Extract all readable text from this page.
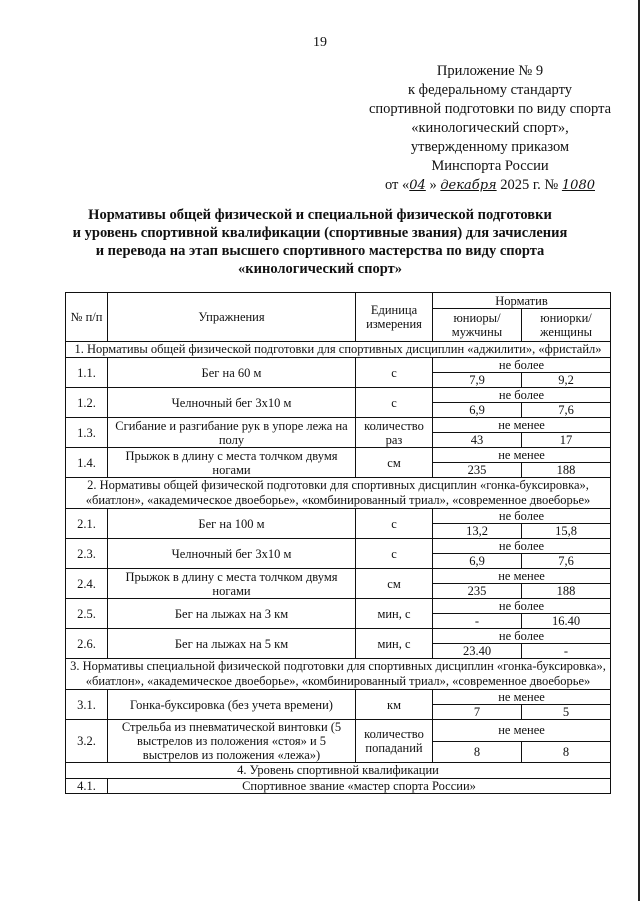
19
Приложение № 9
к федеральному стандарту
спортивной подготовки по виду спорта
«кинологический спорт»,
утвержденному приказом
Минспорта России
от «04 » декабря 2025 г. № 1080
Нормативы общей физической и специальной физической подготовки
и уровень спортивной квалификации (спортивные звания) для зачисления
и перевода на этап высшего спортивного мастерства по виду спорта
«кинологический спорт»
№ п/п	Упражнения	Единица измерения	Норматив	
			юниоры/ мужчины	юниорки/ женщины
1. Нормативы общей физической подготовки для спортивных дисциплин «аджилити», «фристайл»				
1.1.	Бег на 60 м	с	не более	
			7,9	9,2
1.2.	Челночный бег 3х10 м	с	не более	
			6,9	7,6
1.3.	Сгибание и разгибание рук в упоре лежа на полу	количество раз	не менее	
			43	17
1.4.	Прыжок в длину с места толчком двумя ногами	см	не менее	
			235	188
2. Нормативы общей физической подготовки для спортивных дисциплин «гонка-буксировка», «биатлон», «академическое двоеборье», «комбинированный триал», «современное двоеборье»				
2.1.	Бег на 100 м	с	не более	
			13,2	15,8
2.3.	Челночный бег 3х10 м	с	не более	
			6,9	7,6
2.4.	Прыжок в длину с места толчком двумя ногами	см	не менее	
			235	188
2.5.	Бег на лыжах на 3 км	мин, с	не более	
			-	16.40
2.6.	Бег на лыжах на 5 км	мин, с	не более	
			23.40	-
3. Нормативы специальной физической подготовки для спортивных дисциплин «гонка-буксировка», «биатлон», «академическое двоеборье», «комбинированный триал», «современное двоеборье»				
3.1.	Гонка-буксировка (без учета времени)	км	не менее	
			7	5
3.2.	Стрельба из пневматической винтовки (5 выстрелов из положения «стоя» и 5 выстрелов из положения «лежа»)	количество попаданий	не менее	
			8	8
4. Уровень спортивной квалификации				
4.1.	Спортивное звание «мастер спорта России»			
